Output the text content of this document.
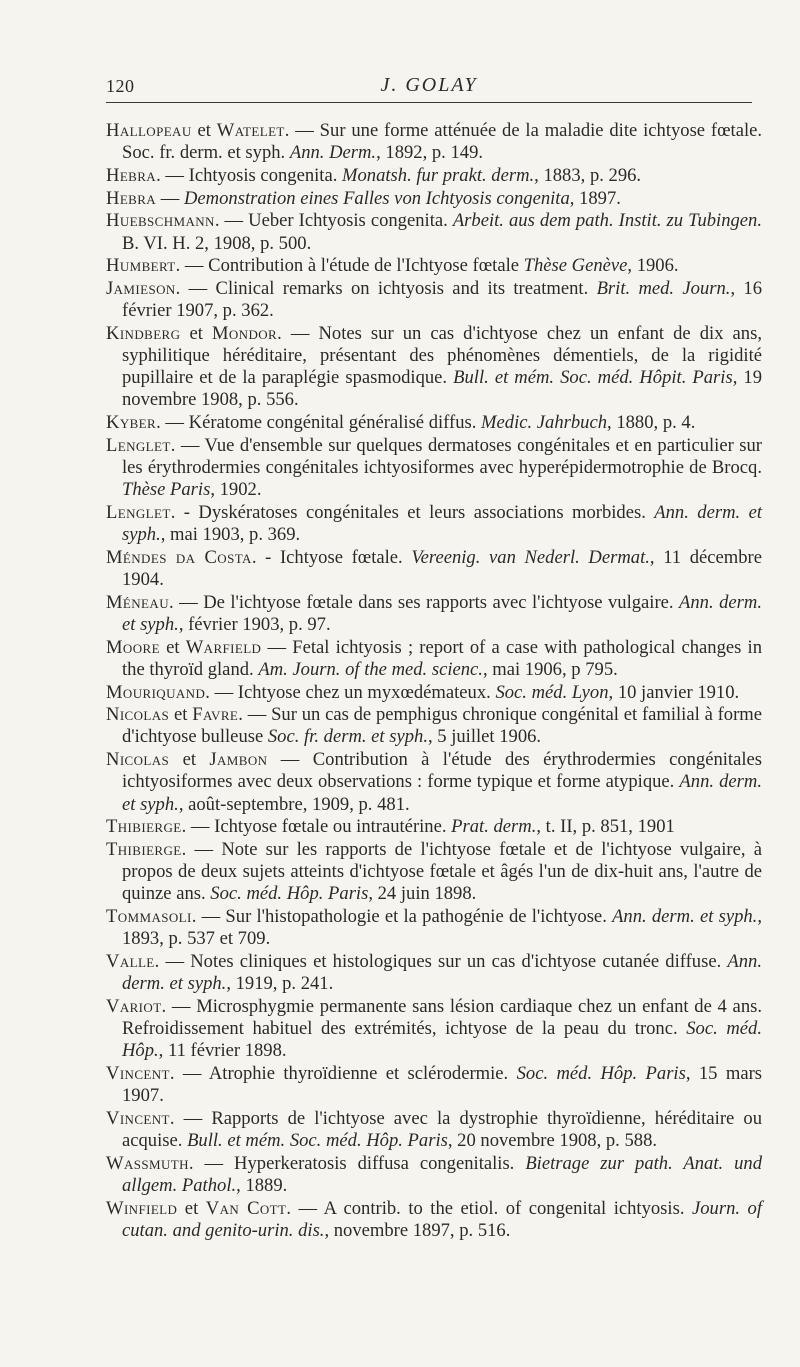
120	J. GOLAY

Hallopeau et Watelet. — Sur une forme atténuée de la maladie dite ichtyose fœtale. Soc. fr. derm. et syph. Ann. Derm., 1892, p. 149.

Hebra. — Ichtyosis congenita. Monatsh. fur prakt. derm., 1883, p. 296.

Hebra — Demonstration eines Falles von Ichtyosis congenita, 1897.

Huebschmann. — Ueber Ichtyosis congenita. Arbeit. aus dem path. Instit. zu Tubingen. B. VI. H. 2, 1908, p. 500.

Humbert. — Contribution à l'étude de l'Ichtyose fœtale Thèse Genève, 1906.

Jamieson. — Clinical remarks on ichtyosis and its treatment. Brit. med. Journ., 16 février 1907, p. 362.

Kindberg et Mondor. — Notes sur un cas d'ichtyose chez un enfant de dix ans, syphilitique héréditaire, présentant des phénomènes démentiels, de la rigidité pupillaire et de la paraplégie spasmodique. Bull. et mém. Soc. méd. Hôpit. Paris, 19 novembre 1908, p. 556.

Kyber. — Kératome congénital généralisé diffus. Medic. Jahrbuch, 1880, p. 4.

Lenglet. — Vue d'ensemble sur quelques dermatoses congénitales et en particulier sur les érythrodermies congénitales ichtyosiformes avec hyperépidermotrophie de Brocq. Thèse Paris, 1902.

Lenglet. - Dyskératoses congénitales et leurs associations morbides. Ann. derm. et syph., mai 1903, p. 369.

Méndes da Costa. - Ichtyose fœtale. Vereenig. van Nederl. Dermat., 11 décembre 1904.

Méneau. — De l'ichtyose fœtale dans ses rapports avec l'ichtyose vulgaire. Ann. derm. et syph., février 1903, p. 97.

Moore et Warfield — Fetal ichtyosis ; report of a case with pathological changes in the thyroïd gland. Am. Journ. of the med. scienc., mai 1906, p 795.

Mouriquand. — Ichtyose chez un myxœdémateux. Soc. méd. Lyon, 10 janvier 1910.

Nicolas et Favre. — Sur un cas de pemphigus chronique congénital et familial à forme d'ichtyose bulleuse Soc. fr. derm. et syph., 5 juillet 1906.

Nicolas et Jambon — Contribution à l'étude des érythrodermies congénitales ichtyosiformes avec deux observations : forme typique et forme atypique. Ann. derm. et syph., août-septembre, 1909, p. 481.

Thibierge. — Ichtyose fœtale ou intrautérine. Prat. derm., t. II, p. 851, 1901

Thibierge. — Note sur les rapports de l'ichtyose fœtale et de l'ichtyose vulgaire, à propos de deux sujets atteints d'ichtyose fœtale et âgés l'un de dix-huit ans, l'autre de quinze ans. Soc. méd. Hôp. Paris, 24 juin 1898.

Tommasoli. — Sur l'histopathologie et la pathogénie de l'ichtyose. Ann. derm. et syph., 1893, p. 537 et 709.

Valle. — Notes cliniques et histologiques sur un cas d'ichtyose cutanée diffuse. Ann. derm. et syph., 1919, p. 241.

Variot. — Microsphygmie permanente sans lésion cardiaque chez un enfant de 4 ans. Refroidissement habituel des extrémités, ichtyose de la peau du tronc. Soc. méd. Hôp., 11 février 1898.

Vincent. — Atrophie thyroïdienne et sclérodermie. Soc. méd. Hôp. Paris, 15 mars 1907.

Vincent. — Rapports de l'ichtyose avec la dystrophie thyroïdienne, héréditaire ou acquise. Bull. et mém. Soc. méd. Hôp. Paris, 20 novembre 1908, p. 588.

Wassmuth. — Hyperkeratosis diffusa congenitalis. Bietrage zur path. Anat. und allgem. Pathol., 1889.

Winfield et Van Cott. — A contrib. to the etiol. of congenital ichtyosis. Journ. of cutan. and genito-urin. dis., novembre 1897, p. 516.
